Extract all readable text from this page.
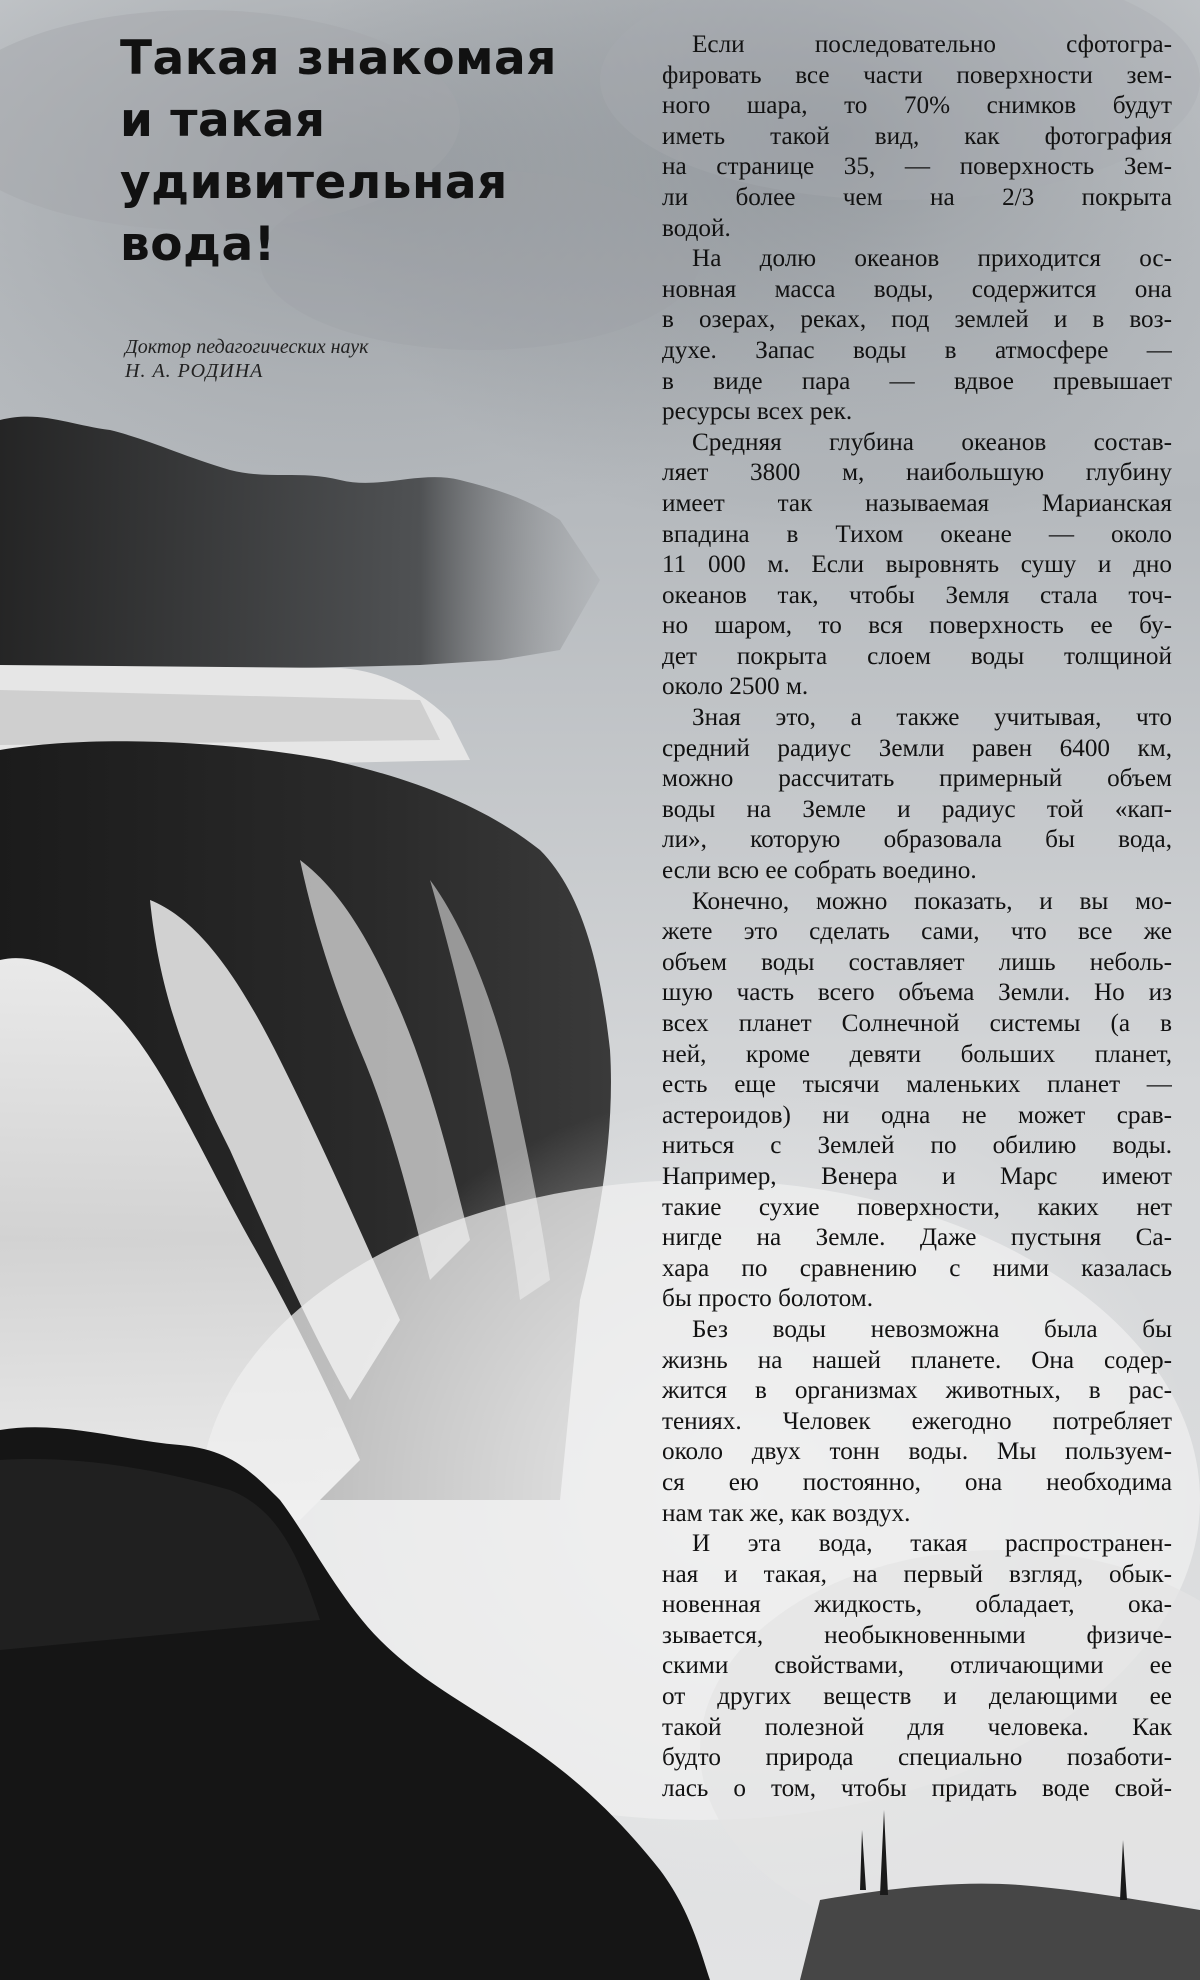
Такая знакомая
и такая
удивительная
вода!
Доктор педагогических наук
Н. А. РОДИНА
Если последовательно сфотогра-
фировать все части поверхности зем-
ного шара, то 70% снимков будут
иметь такой вид, как фотография
на странице 35, — поверхность Зем-
ли более чем на 2/3 покрыта
водой.
На долю океанов приходится ос-
новная масса воды, содержится она
в озерах, реках, под землей и в воз-
духе. Запас воды в атмосфере —
в виде пара — вдвое превышает
ресурсы всех рек.
Средняя глубина океанов состав-
ляет 3800 м, наибольшую глубину
имеет так называемая Марианская
впадина в Тихом океане — около
11 000 м. Если выровнять сушу и дно
океанов так, чтобы Земля стала точ-
но шаром, то вся поверхность ее бу-
дет покрыта слоем воды толщиной
около 2500 м.
Зная это, а также учитывая, что
средний радиус Земли равен 6400 км,
можно рассчитать примерный объем
воды на Земле и радиус той «кап-
ли», которую образовала бы вода,
если всю ее собрать воедино.
Конечно, можно показать, и вы мо-
жете это сделать сами, что все же
объем воды составляет лишь неболь-
шую часть всего объема Земли. Но из
всех планет Солнечной системы (а в
ней, кроме девяти больших планет,
есть еще тысячи маленьких планет —
астероидов) ни одна не может срав-
ниться с Землей по обилию воды.
Например, Венера и Марс имеют
такие сухие поверхности, каких нет
нигде на Земле. Даже пустыня Са-
хара по сравнению с ними казалась
бы просто болотом.
Без воды невозможна была бы
жизнь на нашей планете. Она содер-
жится в организмах животных, в рас-
тениях. Человек ежегодно потребляет
около двух тонн воды. Мы пользуем-
ся ею постоянно, она необходима
нам так же, как воздух.
И эта вода, такая распространен-
ная и такая, на первый взгляд, обык-
новенная жидкость, обладает, ока-
зывается, необыкновенными физиче-
скими свойствами, отличающими ее
от других веществ и делающими ее
такой полезной для человека. Как
будто природа специально позаботи-
лась о том, чтобы придать воде свой-
